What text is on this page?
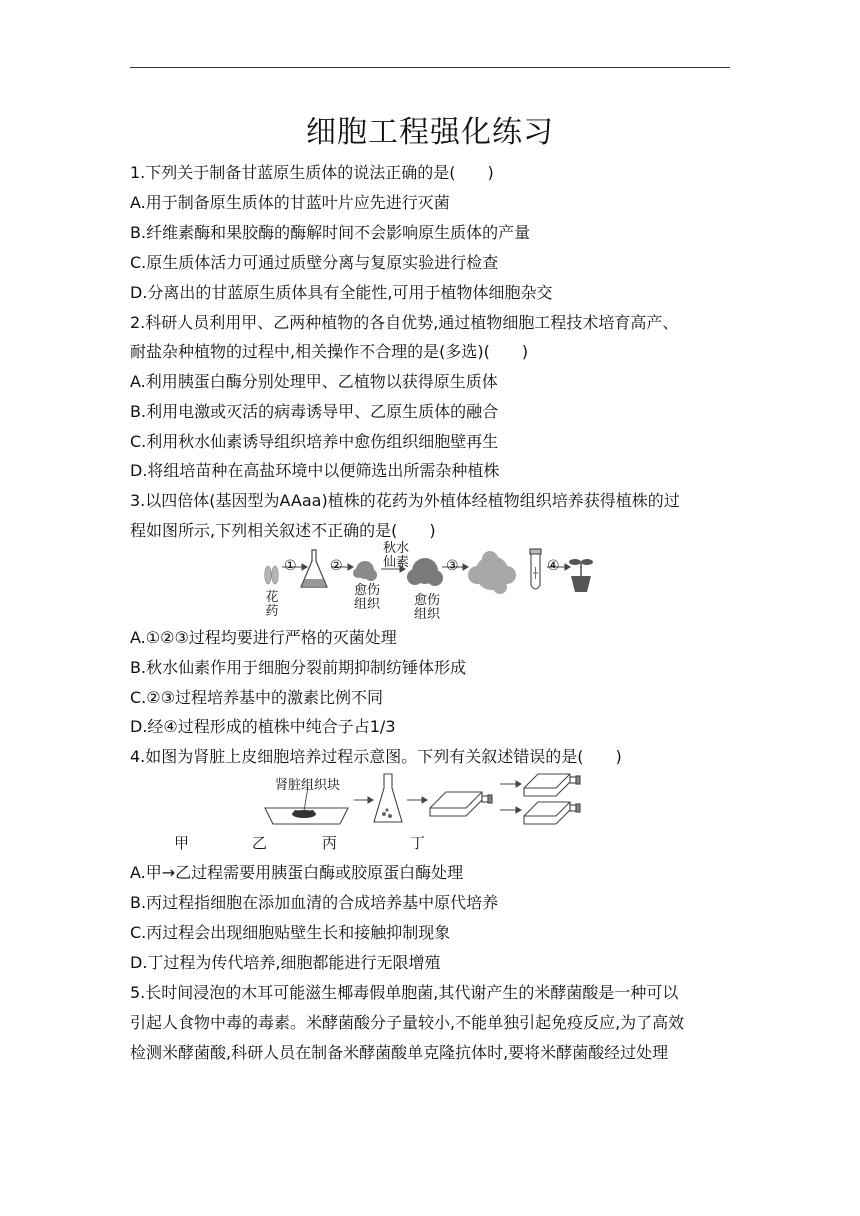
细胞工程强化练习
1.下列关于制备甘蓝原生质体的说法正确的是(　　)
A.用于制备原生质体的甘蓝叶片应先进行灭菌
B.纤维素酶和果胶酶的酶解时间不会影响原生质体的产量
C.原生质体活力可通过质壁分离与复原实验进行检查
D.分离出的甘蓝原生质体具有全能性,可用于植物体细胞杂交
2.科研人员利用甲、乙两种植物的各自优势,通过植物细胞工程技术培育高产、
耐盐杂种植物的过程中,相关操作不合理的是(多选)(　　)
A.利用胰蛋白酶分别处理甲、乙植物以获得原生质体
B.利用电激或灭活的病毒诱导甲、乙原生质体的融合
C.利用秋水仙素诱导组织培养中愈伤组织细胞壁再生
D.将组培苗种在高盐环境中以便筛选出所需杂种植株
3.以四倍体(基因型为AAaa)植株的花药为外植体经植物组织培养获得植株的过
程如图所示,下列相关叙述不正确的是(　　)
① ②	③	④
花药
秋水仙素
愈伤组织	愈伤组织
A.①②③过程均要进行严格的灭菌处理
B.秋水仙素作用于细胞分裂前期抑制纺锤体形成
C.②③过程培养基中的激素比例不同
D.经④过程形成的植株中纯合子占1/3
4.如图为肾脏上皮细胞培养过程示意图。下列有关叙述错误的是(　　)
肾脏组织块
甲	乙	丙	丁
A.甲→乙过程需要用胰蛋白酶或胶原蛋白酶处理
B.丙过程指细胞在添加血清的合成培养基中原代培养
C.丙过程会出现细胞贴壁生长和接触抑制现象
D.丁过程为传代培养,细胞都能进行无限增殖
5.长时间浸泡的木耳可能滋生椰毒假单胞菌,其代谢产生的米酵菌酸是一种可以
引起人食物中毒的毒素。米酵菌酸分子量较小,不能单独引起免疫反应,为了高效
检测米酵菌酸,科研人员在制备米酵菌酸单克隆抗体时,要将米酵菌酸经过处理
